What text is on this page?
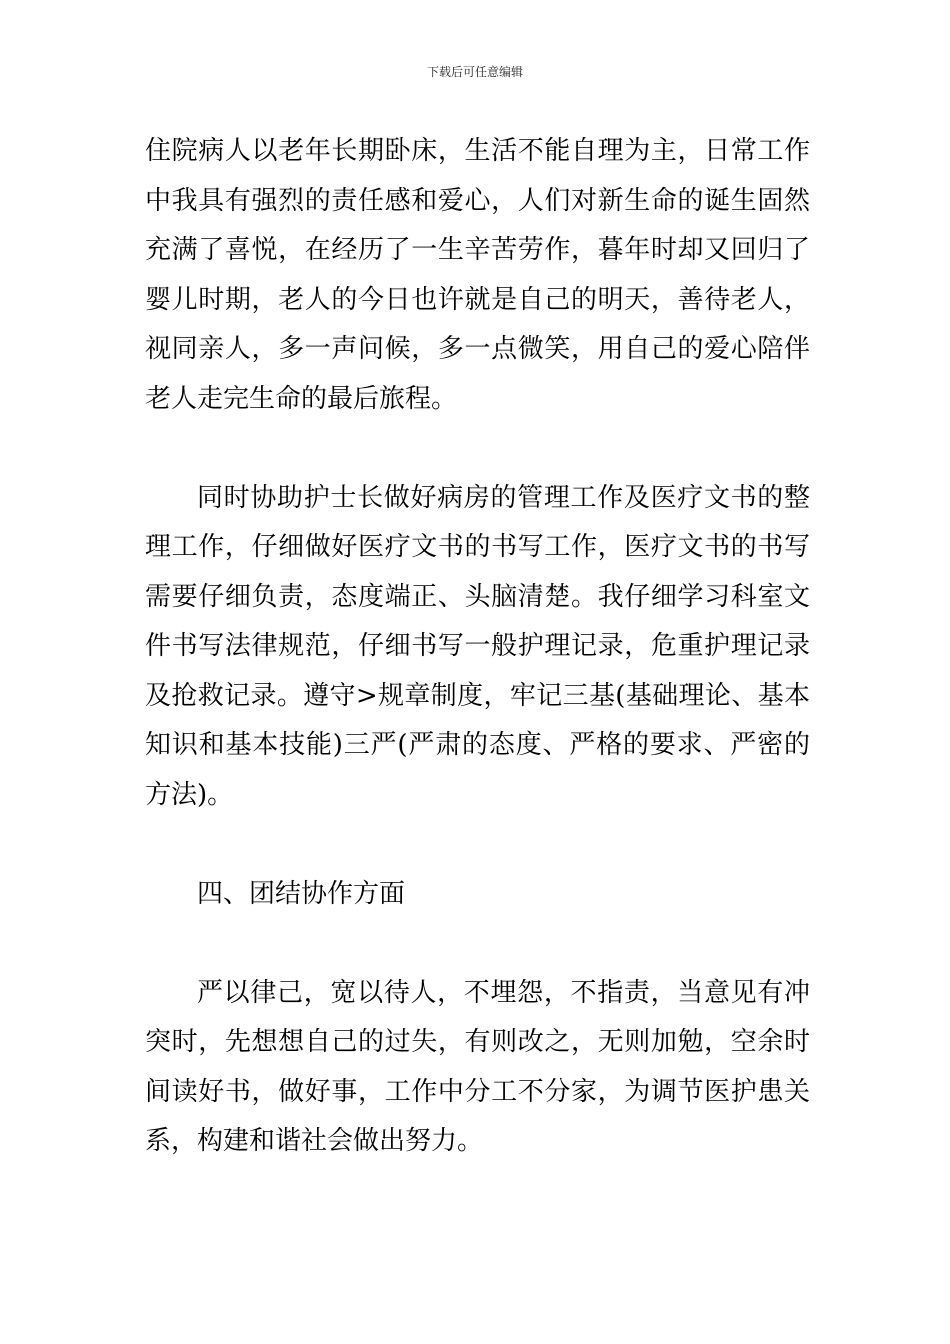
下载后可任意编辑

住院病人以老年长期卧床，生活不能自理为主，日常工作中我具有强烈的责任感和爱心，人们对新生命的诞生固然充满了喜悦，在经历了一生辛苦劳作，暮年时却又回归了婴儿时期，老人的今日也许就是自己的明天，善待老人，视同亲人，多一声问候，多一点微笑，用自己的爱心陪伴老人走完生命的最后旅程。

同时协助护士长做好病房的管理工作及医疗文书的整理工作，仔细做好医疗文书的书写工作，医疗文书的书写需要仔细负责，态度端正、头脑清楚。我仔细学习科室文件书写法律规范，仔细书写一般护理记录，危重护理记录及抢救记录。遵守>规章制度，牢记三基(基础理论、基本知识和基本技能)三严(严肃的态度、严格的要求、严密的方法)。

四、团结协作方面

严以律己，宽以待人，不埋怨，不指责，当意见有冲突时，先想想自己的过失，有则改之，无则加勉，空余时间读好书，做好事，工作中分工不分家，为调节医护患关系，构建和谐社会做出努力。
